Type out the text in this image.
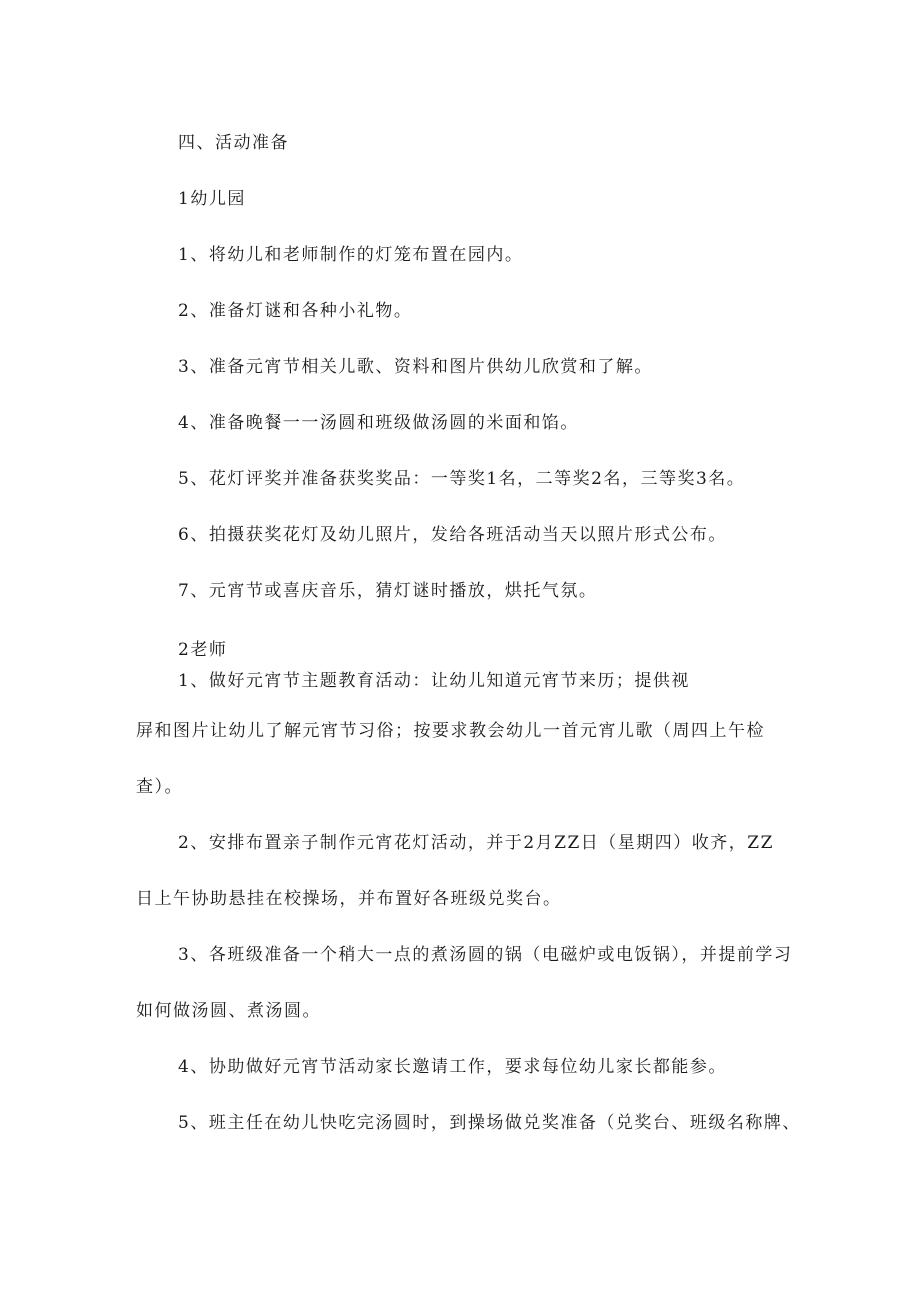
四、活动准备
1幼儿园
1、将幼儿和老师制作的灯笼布置在园内。
2、准备灯谜和各种小礼物。
3、准备元宵节相关儿歌、资料和图片供幼儿欣赏和了解。
4、准备晚餐一一汤圆和班级做汤圆的米面和馅。
5、花灯评奖并准备获奖奖品：一等奖1名，二等奖2名，三等奖3名。
6、拍摄获奖花灯及幼儿照片，发给各班活动当天以照片形式公布。
7、元宵节或喜庆音乐，猜灯谜时播放，烘托气氛。
2老师
1、做好元宵节主题教育活动：让幼儿知道元宵节来历；提供视
屏和图片让幼儿了解元宵节习俗；按要求教会幼儿一首元宵儿歌（周四上午检
查）。
2、安排布置亲子制作元宵花灯活动，并于2月ZZ日（星期四）收齐，ZZ
日上午协助悬挂在校操场，并布置好各班级兑奖台。
3、各班级准备一个稍大一点的煮汤圆的锅（电磁炉或电饭锅），并提前学习
如何做汤圆、煮汤圆。
4、协助做好元宵节活动家长邀请工作，要求每位幼儿家长都能参。
5、班主任在幼儿快吃完汤圆时，到操场做兑奖准备（兑奖台、班级名称牌、
